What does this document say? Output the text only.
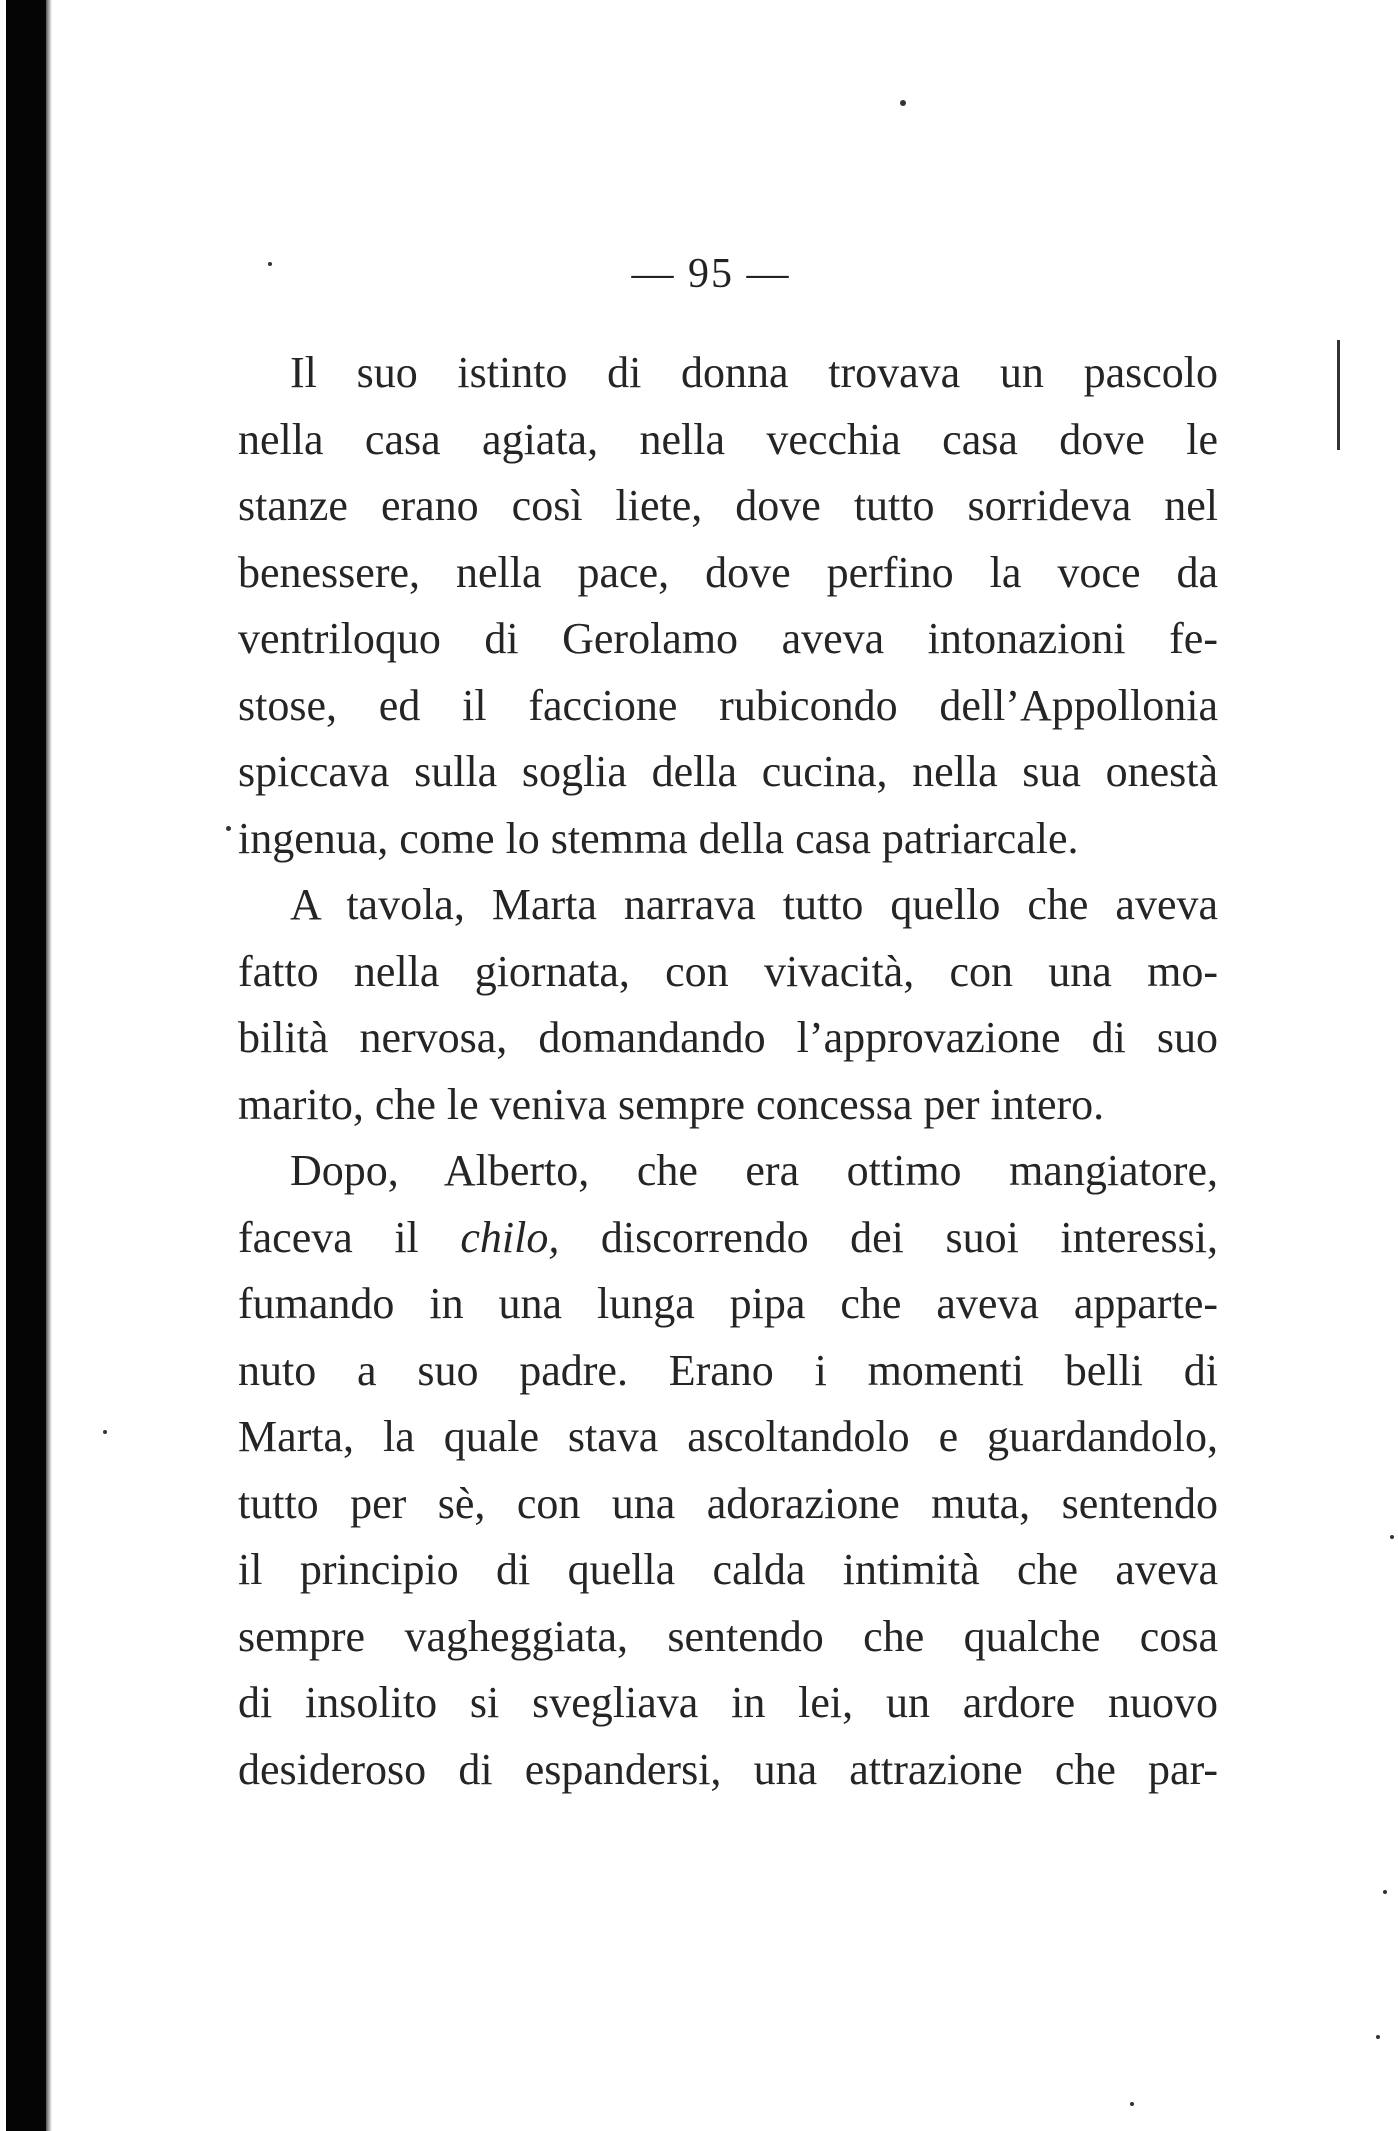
— 95 —
Il suo istinto di donna trovava un pascolo
nella casa agiata, nella vecchia casa dove le
stanze erano così liete, dove tutto sorrideva nel
benessere, nella pace, dove perfino la voce da
ventriloquo di Gerolamo aveva intonazioni fe-
stose, ed il faccione rubicondo dell’Appollonia
spiccava sulla soglia della cucina, nella sua onestà
ingenua, come lo stemma della casa patriarcale.
A tavola, Marta narrava tutto quello che aveva
fatto nella giornata, con vivacità, con una mo-
bilità nervosa, domandando l’approvazione di suo
marito, che le veniva sempre concessa per intero.
Dopo, Alberto, che era ottimo mangiatore,
faceva il chilo, discorrendo dei suoi interessi,
fumando in una lunga pipa che aveva apparte-
nuto a suo padre. Erano i momenti belli di
Marta, la quale stava ascoltandolo e guardandolo,
tutto per sè, con una adorazione muta, sentendo
il principio di quella calda intimità che aveva
sempre vagheggiata, sentendo che qualche cosa
di insolito si svegliava in lei, un ardore nuovo
desideroso di espandersi, una attrazione che par-
